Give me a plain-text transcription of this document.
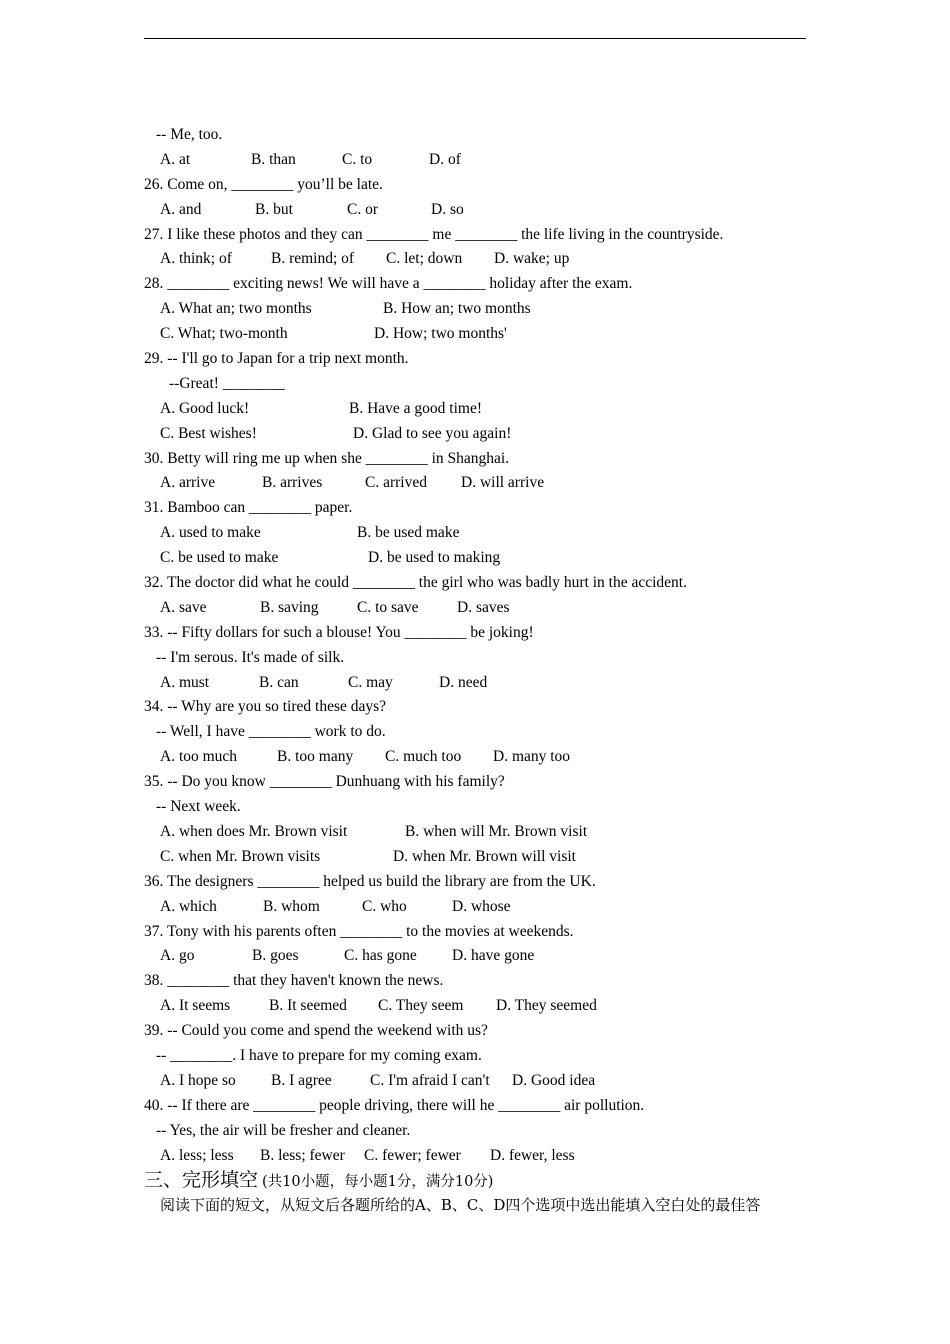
-- Me, too.
A. at	B. than	C. to	D. of
26. Come on, ________ you’ll be late.
A. and	B. but	C. or	D. so
27. I like these photos and they can ________ me ________ the life living in the countryside.
A. think; of	B. remind; of C. let; down D. wake; up
28. ________ exciting news! We will have a ________ holiday after the exam.
A. What an; two months	B. How an; two months
C. What; two-month	D. How; two months'
29. -- I'll go to Japan for a trip next month.
--Great! ________
A. Good luck!	B. Have a good time!
C. Best wishes!	D. Glad to see you again!
30. Betty will ring me up when she ________ in Shanghai.
A. arrive	B. arrives	C. arrived D. will arrive
31. Bamboo can ________ paper.
A. used to make	B. be used make
C. be used to make	D. be used to making
32. The doctor did what he could ________ the girl who was badly hurt in the accident.
A. save	B. saving C. to save D. saves
33. -- Fifty dollars for such a blouse! You ________ be joking!
-- I'm serous. It's made of silk.
A. must	B. can	C. may	D. need
34. -- Why are you so tired these days?
-- Well, I have ________ work to do.
A. too much	B. too many C. much too D. many too
35. -- Do you know ________ Dunhuang with his family?
-- Next week.
A. when does Mr. Brown visit	B. when will Mr. Brown visit
C. when Mr. Brown visits	D. when Mr. Brown will visit
36. The designers ________ helped us build the library are from the UK.
A. which	B. whom	C. who	D. whose
37. Tony with his parents often ________ to the movies at weekends.
A. go	B. goes	C. has gone D. have gone
38. ________ that they haven't known the news.
A. It seems	B. It seemed C. They seem D. They seemed
39. -- Could you come and spend the weekend with us?
-- ________. I have to prepare for my coming exam.
A. I hope so B. I agree C. I'm afraid I can't D. Good idea
40. -- If there are ________ people driving, there will he ________ air pollution.
-- Yes, the air will be fresher and cleaner.
A. less; less B. less; fewer C. fewer; fewer D. fewer, less
三、完形填空 (共10小题，每小题1分，满分10分)
阅读下面的短文，从短文后各题所给的A、B、C、D四个选项中选出能填入空白处的最佳答
